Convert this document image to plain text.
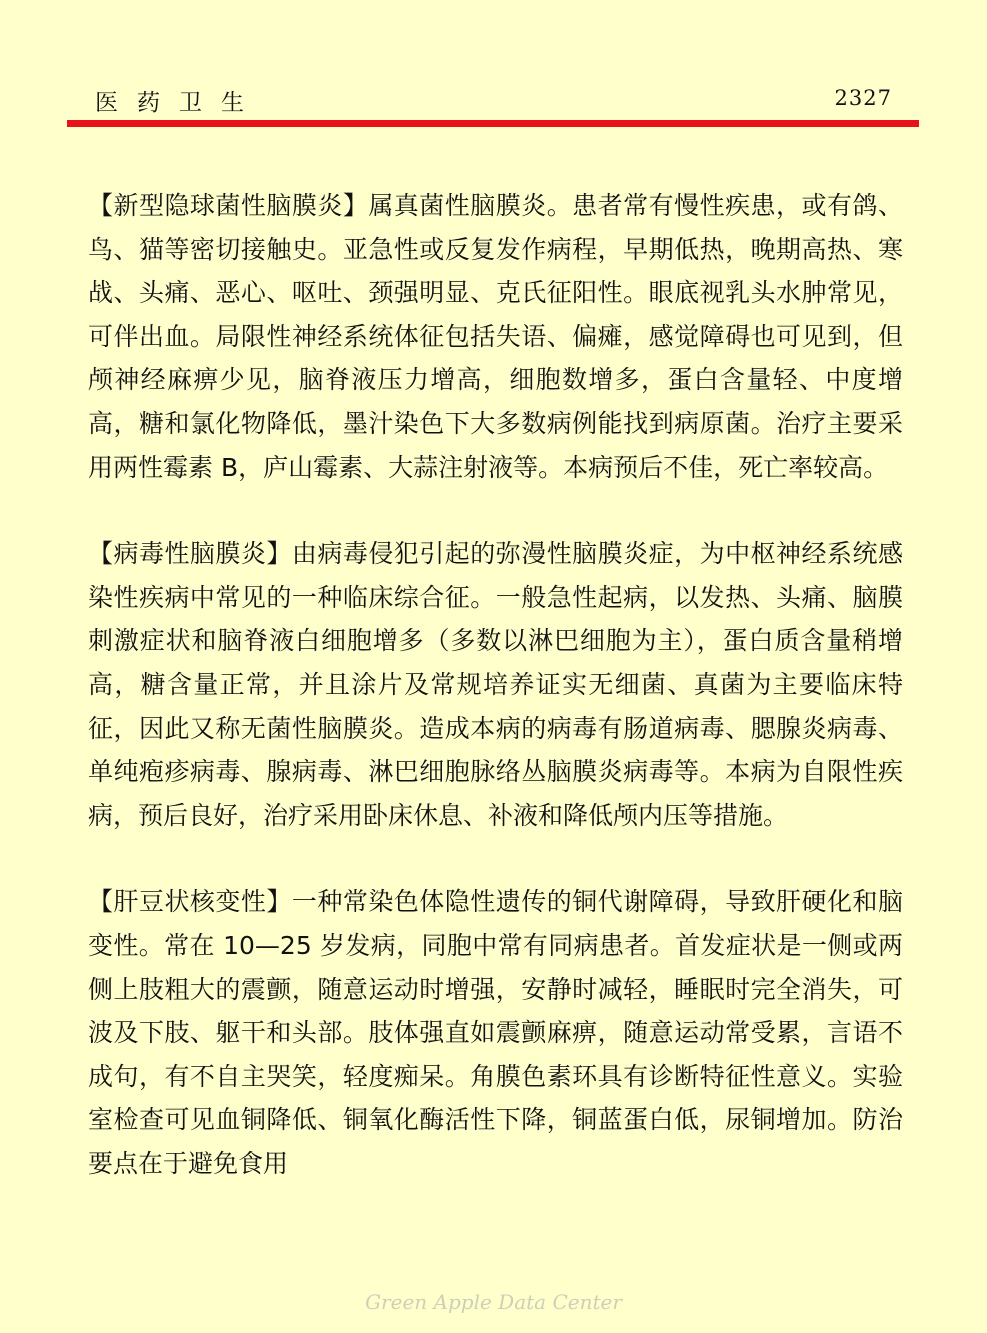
医药卫生	2327

【新型隐球菌性脑膜炎】属真菌性脑膜炎。患者常有慢性疾患，或有鸽、鸟、猫等密切接触史。亚急性或反复发作病程，早期低热，晚期高热、寒战、头痛、恶心、呕吐、颈强明显、克氏征阳性。眼底视乳头水肿常见，可伴出血。局限性神经系统体征包括失语、偏瘫，感觉障碍也可见到，但颅神经麻痹少见，脑脊液压力增高，细胞数增多，蛋白含量轻、中度增高，糖和氯化物降低，墨汁染色下大多数病例能找到病原菌。治疗主要采用两性霉素 B，庐山霉素、大蒜注射液等。本病预后不佳，死亡率较高。

【病毒性脑膜炎】由病毒侵犯引起的弥漫性脑膜炎症，为中枢神经系统感染性疾病中常见的一种临床综合征。一般急性起病，以发热、头痛、脑膜刺激症状和脑脊液白细胞增多（多数以淋巴细胞为主），蛋白质含量稍增高，糖含量正常，并且涂片及常规培养证实无细菌、真菌为主要临床特征，因此又称无菌性脑膜炎。造成本病的病毒有肠道病毒、腮腺炎病毒、单纯疱疹病毒、腺病毒、淋巴细胞脉络丛脑膜炎病毒等。本病为自限性疾病，预后良好，治疗采用卧床休息、补液和降低颅内压等措施。

【肝豆状核变性】一种常染色体隐性遗传的铜代谢障碍，导致肝硬化和脑变性。常在 10—25 岁发病，同胞中常有同病患者。首发症状是一侧或两侧上肢粗大的震颤，随意运动时增强，安静时减轻，睡眠时完全消失，可波及下肢、躯干和头部。肢体强直如震颤麻痹，随意运动常受累，言语不成句，有不自主哭笑，轻度痴呆。角膜色素环具有诊断特征性意义。实验室检查可见血铜降低、铜氧化酶活性下降，铜蓝蛋白低，尿铜增加。防治要点在于避免食用

Green Apple Data Center
